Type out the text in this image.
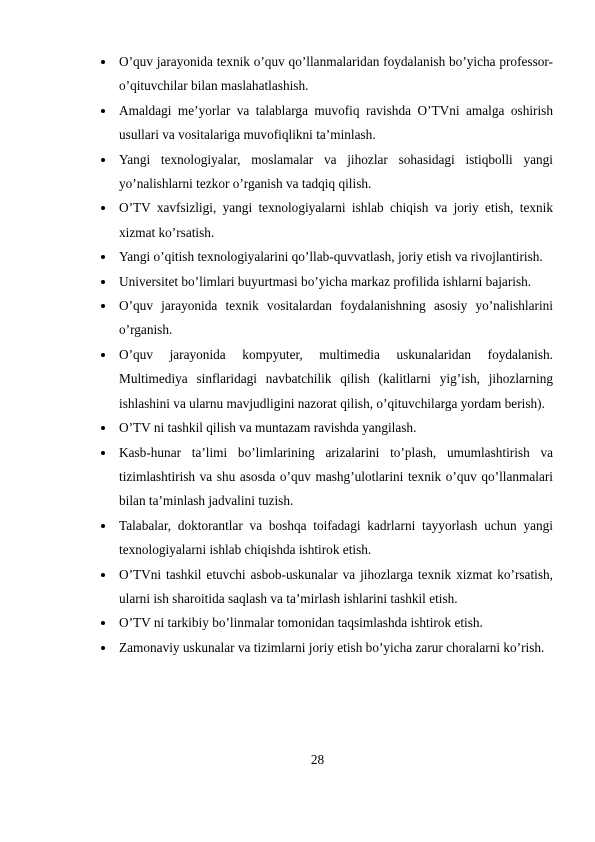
O’quv jarayonida texnik o’quv qo’llanmalaridan foydalanish bo’yicha professor-o’qituvchilar bilan maslahatlashish.
Amaldagi me’yorlar va talablarga muvofiq ravishda O’TVni amalga oshirish usullari va vositalariga muvofiqlikni ta’minlash.
Yangi texnologiyalar, moslamalar va jihozlar sohasidagi istiqbolli yangi yo’nalishlarni tezkor o’rganish va tadqiq qilish.
O’TV xavfsizligi, yangi texnologiyalarni ishlab chiqish va joriy etish, texnik xizmat ko’rsatish.
Yangi o’qitish texnologiyalarini qo’llab-quvvatlash, joriy etish va rivojlantirish.
Universitet bo’limlari buyurtmasi bo’yicha markaz profilida ishlarni bajarish.
O’quv jarayonida texnik vositalardan foydalanishning asosiy yo’nalishlarini o’rganish.
O’quv jarayonida kompyuter, multimedia uskunalaridan foydalanish. Multimediya sinflaridagi navbatchilik qilish (kalitlarni yig’ish, jihozlarning ishlashini va ularnu mavjudligini nazorat qilish, o’qituvchilarga yordam berish).
O’TV ni tashkil qilish va muntazam ravishda yangilash.
Kasb-hunar ta’limi bo’limlarining arizalarini to’plash, umumlashtirish va tizimlashtirish va shu asosda o’quv mashg’ulotlarini texnik o’quv qo’llanmalari bilan ta’minlash jadvalini tuzish.
Talabalar, doktorantlar va boshqa toifadagi kadrlarni tayyorlash uchun yangi texnologiyalarni ishlab chiqishda ishtirok etish.
O’TVni tashkil etuvchi asbob-uskunalar va jihozlarga texnik xizmat ko’rsatish, ularni ish sharoitida saqlash va ta’mirlash ishlarini tashkil etish.
O’TV ni tarkibiy bo’linmalar tomonidan taqsimlashda ishtirok etish.
Zamonaviy uskunalar va tizimlarni joriy etish bo’yicha zarur choralarni ko’rish.
28
